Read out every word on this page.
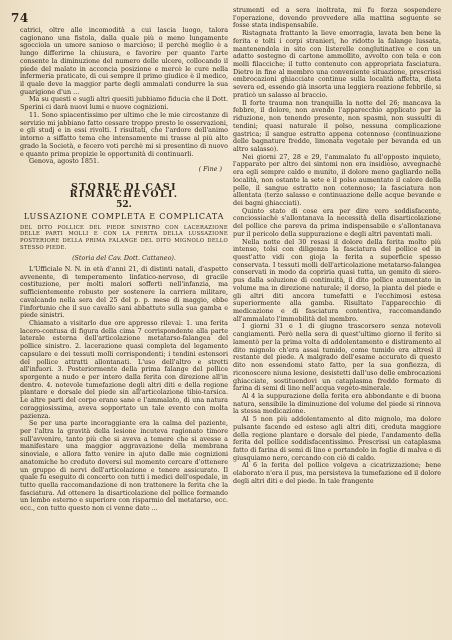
74

catrici, oltre alle incomodità a cui lascia luogo, talora cagionano una fistola, dalla quale più o meno lungamente sgocciola un umore sanioso o marcioso; il perchè meglio è a lungo differirne la chiusura, e favorire per quanto l'arte consente la diminuzione del numero delle ulcere, collocando il piede del malato in acconcia posizione e mercè le cure nella infermeria praticate, di cui sempre il primo giudice è il medico, il quale deve la maggior parte degli ammalati condurre la sua guarigione d'un ...

Ma su questi e sugli altri quesiti jubbiamo fiducia che il Dott. Sperini ci darà nuovi lumi e nuove cognizioni.

11. Sono spiacentissimo per ultimo che le mie circostanze di servizio mi jabbiano fatto cessare troppo presto le osservazioni, e gli studj e in essi rivolti. I risultati, che l'ardore dell'animo intorno a siffatto tema che intensamente mi trasse al più alto grado la Società, e fecero voti perchè mi si presentino di nuovo e quanto prima propizie le opportunità di continuarli.

Genova, agosto 1851.

( Fine )

STORIE DI CASI RIMARCHEVOLI.
52.
LUSSAZIONE COMPLETA E COMPLICATA
DEL DITO POLLICE DEL PIEDE SINISTRO CON LACERAZIONE DELLE PARTI MOLLI E CON LA FERITA DELLA LUSSAZIONE POSTERIORE DELLA PRIMA FALANGE DEL DITO MIGNOLO DELLO STESSO PIEDE.
(Storia del Cav. Dott. Cattaneo).

L'Ufficiale N. N. in età d'anni 21, di distinti natali, d'aspetto avvenente, di temperamento linfatico-nervoso, di gracile costituzione, per molti malori sofferti nell'infanzia, ma sufficientemente robusto per sostenere la carriera militare, cavalcando nella sera del 25 del p. p. mese di maggio, ebbe l'infortunio che il suo cavallo sani abbattuto sulla sua gamba e piede sinistri.

Chiamato a visitarlo due ore appresso rilevai: 1. una ferita lacero-contusa di figura della cima 7 corrispondente alla parte laterale esterna dell'articolazione metatarso-falangea del pollice sinistro. 2. lacerazione quasi completa del legamento capsulare e dei tessuti molli corrispondenti; i tendini estensori del pollice attratti allontanati. L'uso dell'altro e stretti all'infuori. 3. Posteriormente della prima falange del pollice sporgente a nudo e per intero dalla ferita con direzione all'in dentro. 4. notevole tumefazione degli altri diti e della regione plantare e dorsale del piede sin all'articolazione tibio-tarsica. Le altre parti del corpo erano sane e l'ammalato, di una natura coraggiosissima, aveva sopportato un tale evento con molta pazienza.

Se per una parte incoraggiante era la calma del paziente, per l'altra la gravità della lesione incuteva ragionato timore sull'avvenire, tanto più che si aveva a temere che si avesse a manifestare una maggior aggravazione della membrana sinoviale, e allora fatto venire in ajuto dalle mie cognizioni anatomiche ho creduto doversi sul momento cercare d'ottenere un gruppo di nervi dell'articolazione e tenere assicurato. Il quale fu eseguito di concerto con tutti i medici dell'ospedale, in tutto quella raccomandazione di non trattenere la ferita che la fasciatura. Ad ottenere la disarticolazione del pollice formando un lembo esterno e superiore con risparmio del metatarso, ecc. ecc., con tutto questo non ci venne dato ...

strumenti ed a sera inoltrata, mi fu forza sospendere l'operazione, dovendo provvedere alla mattina seguente se fosse stata indispensabile.

Ristagnata frattanto la lieve emorragia, lavata ben bene la ferita e tolti i corpi stranieri, ho ridotto la falange lussata, mantenendola in sito con listerelle conglutinative e con un adatto sostegno di cartone ammollito, avvolto con tela e con molli filacciche; il tutto contenuto con appropriata fasciatura. Dietro in fine al membro una conveniente situazione, prescrissi embrocazioni ghiacciate continue sulla località affetta, dieta severa ed, essendo già insorta una leggiera reazione febbrile, si praticò un salasso al braccio.

Il forte trauma non tranquilla la notte del 26; mancava la febbre, il dolore, non avendo l'apparecchio applicato per la riduzione, non tenendo presente, non spasmi, non sussulti di tendini; quasi naturale il polso, nessuna complicazione gastrica; il sangue estratto appena cotennoso (continuazione delle bagnature fredde, limonata vegetale per bevanda ed un altro salasso).

Nei giorni 27, 28 e 29, l'ammalato fu all'opposto inquieto, l'apparato per altro dei sintomi non era insidioso, avvegnachè era egli sempre caldo e munito, il dolore meno gagliardo nella località, non ostante la sete e il polso aumentato il calore della pelle, il sangue estratto non cotennoso; la fasciatura non allentata (terzo salasso e continuazione delle acque bevande e dei bagni ghiacciati).

Quinto stato di cose era per dire vero soddisfacente, conciossiachè s'allontanava la necessità della disarticolazione del pollice che pareva da prima indispensabile e s'allontanava pur il pericolo della suppurazione e degli altri paventati mali.

Nella notte del 30 resasi il dolore della ferita molto più intenso, tolsi con diligenza la fasciatura del pollice ed in quest'atto vidi con gioja la ferita a superficie spesso conservata. I tessuti molli dell'articolazione metatarso-falangea conservati in modo da copriria quasi tutta, un gemito di siero-pus dalla soluzione di continuità, il dito pollice aumentato in volume ma in direzione naturale; il dorso, la pianta del piede e gli altri diti ancora tumefatti e l'ecchimosi estesa superiormente alla gamba. Risultato l'apparecchio di medicazione e di fasciatura contentiva, raccomandando all'ammalato l'immobilità del membro.

I giorni 31 e 1 di giugno trascorsero senza notevoli cangiamenti. Però nella sera di quest'ultimo giorno il ferito si lamentò per la prima volta di addolentamento e distiramento al dito mignolo ch'era assai tumido, come tumido era altresì il restante del piede. A malgrado dell'esame accurato di questo dito non essendomi stato fatto, per la sua gonfiezza, di riconoscere niuna lesione, desistetti dall'uso delle embrocazioni ghiacciate, sostituendovi un cataplasma freddo formato di farina di semi di lino nell'acqua vegeto-minerale.

Al 4 la suppurazione della ferita era abbondante e di buona natura, sensibile la diminuzione del volume del piede si rinnova la stessa medicazione.

Al 5 non più addolentamento al dito mignolo, ma dolore pulsante facendo ed esteso agli altri diti, creduta maggiore della regione plantare e dorsale del piede, l'andamento della ferita del pollice soddisfacentissimo. Prescrissi un cataplasma fatto di farina di semi di lino e portandolo in foglie di malva e di giusquiamo nero, cercando con ciò di caldo.

Al 6 la ferita del pollice volgeva a cicatrizzazione; bene elaborato n'era il pus, ma persisteva la tumefazione ed il dolore degli altri diti e del piede. In tale frangente
